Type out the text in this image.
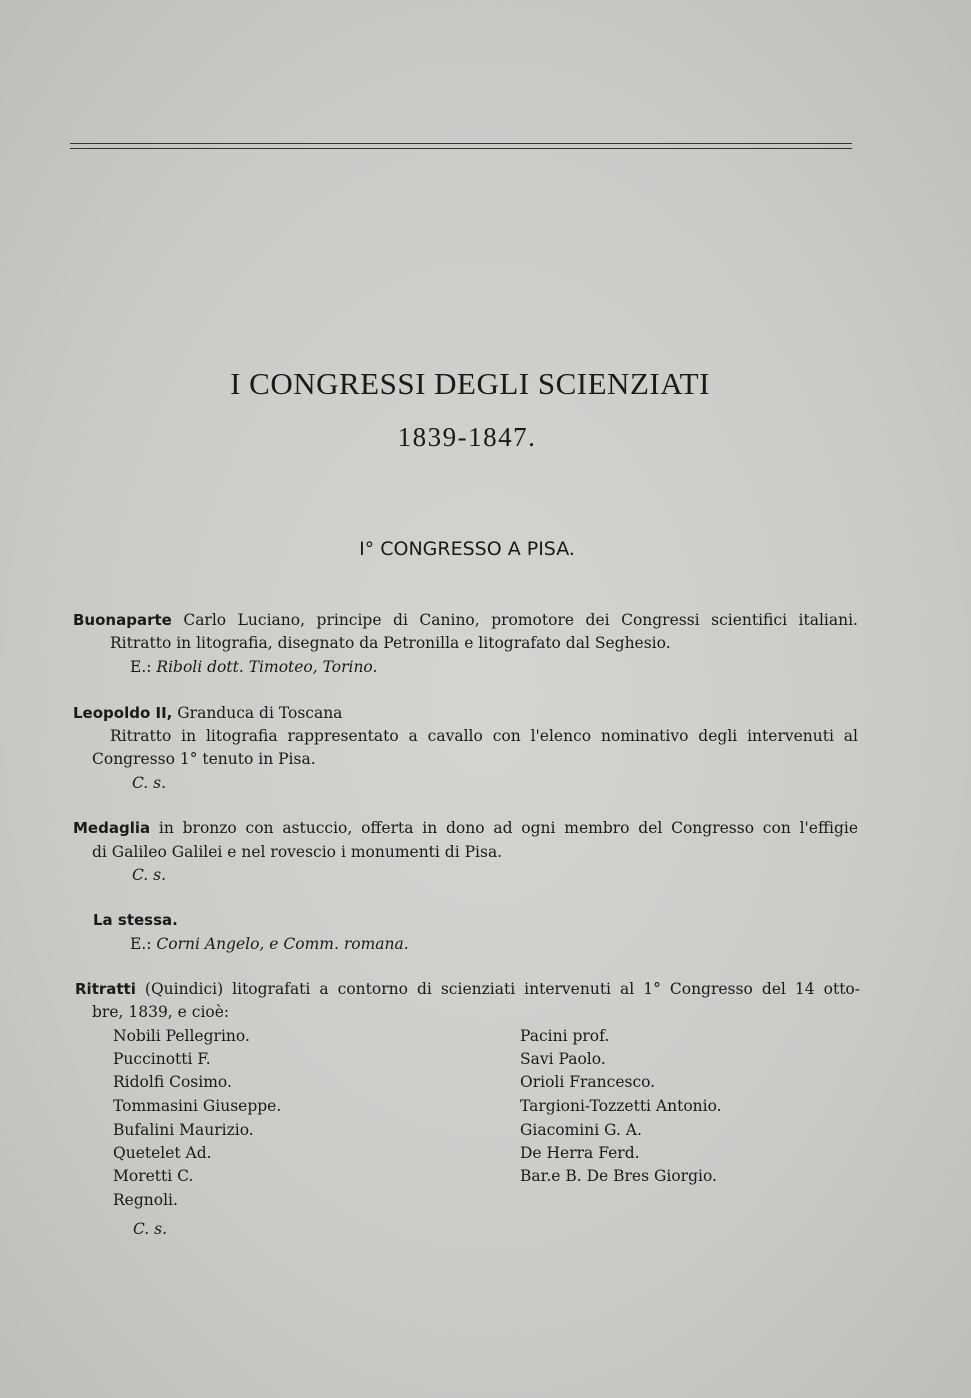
I CONGRESSI DEGLI SCIENZIATI
1839-1847.
I° CONGRESSO A PISA.
Buonaparte Carlo Luciano, principe di Canino, promotore dei Congressi scientifici italiani.
Ritratto in litografia, disegnato da Petronilla e litografato dal Seghesio.
E.: Riboli dott. Timoteo, Torino.
Leopoldo II, Granduca di Toscana
Ritratto in litografia rappresentato a cavallo con l'elenco nominativo degli intervenuti al
Congresso 1° tenuto in Pisa.
C. s.
Medaglia in bronzo con astuccio, offerta in dono ad ogni membro del Congresso con l'effigie
di Galileo Galilei e nel rovescio i monumenti di Pisa.
C. s.
La stessa.
E.: Corni Angelo, e Comm. romana.
Ritratti (Quindici) litografati a contorno di scienziati intervenuti al 1° Congresso del 14 otto-
bre, 1839, e cioè:
Nobili Pellegrino.
Puccinotti F.
Ridolfi Cosimo.
Tommasini Giuseppe.
Bufalini Maurizio.
Quetelet Ad.
Moretti C.
Regnoli.
Pacini prof.
Savi Paolo.
Orioli Francesco.
Targioni-Tozzetti Antonio.
Giacomini G. A.
De Herra Ferd.
Bar.e B. De Bres Giorgio.
C. s.
